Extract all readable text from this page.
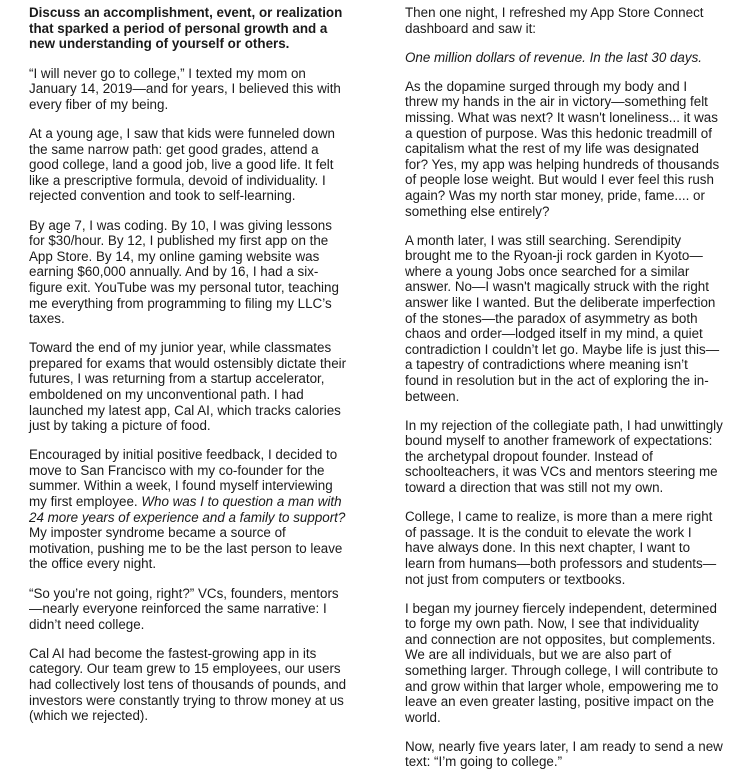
Discuss an accomplishment, event, or realization that sparked a period of personal growth and a new understanding of yourself or others.

“I will never go to college,” I texted my mom on January 14, 2019—and for years, I believed this with every fiber of my being.

At a young age, I saw that kids were funneled down the same narrow path: get good grades, attend a good college, land a good job, live a good life. It felt like a prescriptive formula, devoid of individuality. I rejected convention and took to self-learning.

By age 7, I was coding. By 10, I was giving lessons for $30/hour. By 12, I published my first app on the App Store. By 14, my online gaming website was earning $60,000 annually. And by 16, I had a six-figure exit. YouTube was my personal tutor, teaching me everything from programming to filing my LLC’s taxes.

Toward the end of my junior year, while classmates prepared for exams that would ostensibly dictate their futures, I was returning from a startup accelerator, emboldened on my unconventional path. I had launched my latest app, Cal AI, which tracks calories just by taking a picture of food.

Encouraged by initial positive feedback, I decided to move to San Francisco with my co-founder for the summer. Within a week, I found myself interviewing my first employee. Who was I to question a man with 24 more years of experience and a family to support? My imposter syndrome became a source of motivation, pushing me to be the last person to leave the office every night.

“So you’re not going, right?” VCs, founders, mentors—nearly everyone reinforced the same narrative: I didn’t need college.

Cal AI had become the fastest-growing app in its category. Our team grew to 15 employees, our users had collectively lost tens of thousands of pounds, and investors were constantly trying to throw money at us (which we rejected).

Then one night, I refreshed my App Store Connect dashboard and saw it:

One million dollars of revenue. In the last 30 days.

As the dopamine surged through my body and I threw my hands in the air in victory—something felt missing. What was next? It wasn't loneliness... it was a question of purpose. Was this hedonic treadmill of capitalism what the rest of my life was designated for? Yes, my app was helping hundreds of thousands of people lose weight. But would I ever feel this rush again? Was my north star money, pride, fame.... or something else entirely?

A month later, I was still searching. Serendipity brought me to the Ryoan-ji rock garden in Kyoto—where a young Jobs once searched for a similar answer. No—I wasn't magically struck with the right answer like I wanted. But the deliberate imperfection of the stones—the paradox of asymmetry as both chaos and order—lodged itself in my mind, a quiet contradiction I couldn’t let go. Maybe life is just this—a tapestry of contradictions where meaning isn’t found in resolution but in the act of exploring the in-between.

In my rejection of the collegiate path, I had unwittingly bound myself to another framework of expectations: the archetypal dropout founder. Instead of schoolteachers, it was VCs and mentors steering me toward a direction that was still not my own.

College, I came to realize, is more than a mere right of passage. It is the conduit to elevate the work I have always done. In this next chapter, I want to learn from humans—both professors and students—not just from computers or textbooks.

I began my journey fiercely independent, determined to forge my own path. Now, I see that individuality and connection are not opposites, but complements. We are all individuals, but we are also part of something larger. Through college, I will contribute to and grow within that larger whole, empowering me to leave an even greater lasting, positive impact on the world.

Now, nearly five years later, I am ready to send a new text: “I’m going to college.”
